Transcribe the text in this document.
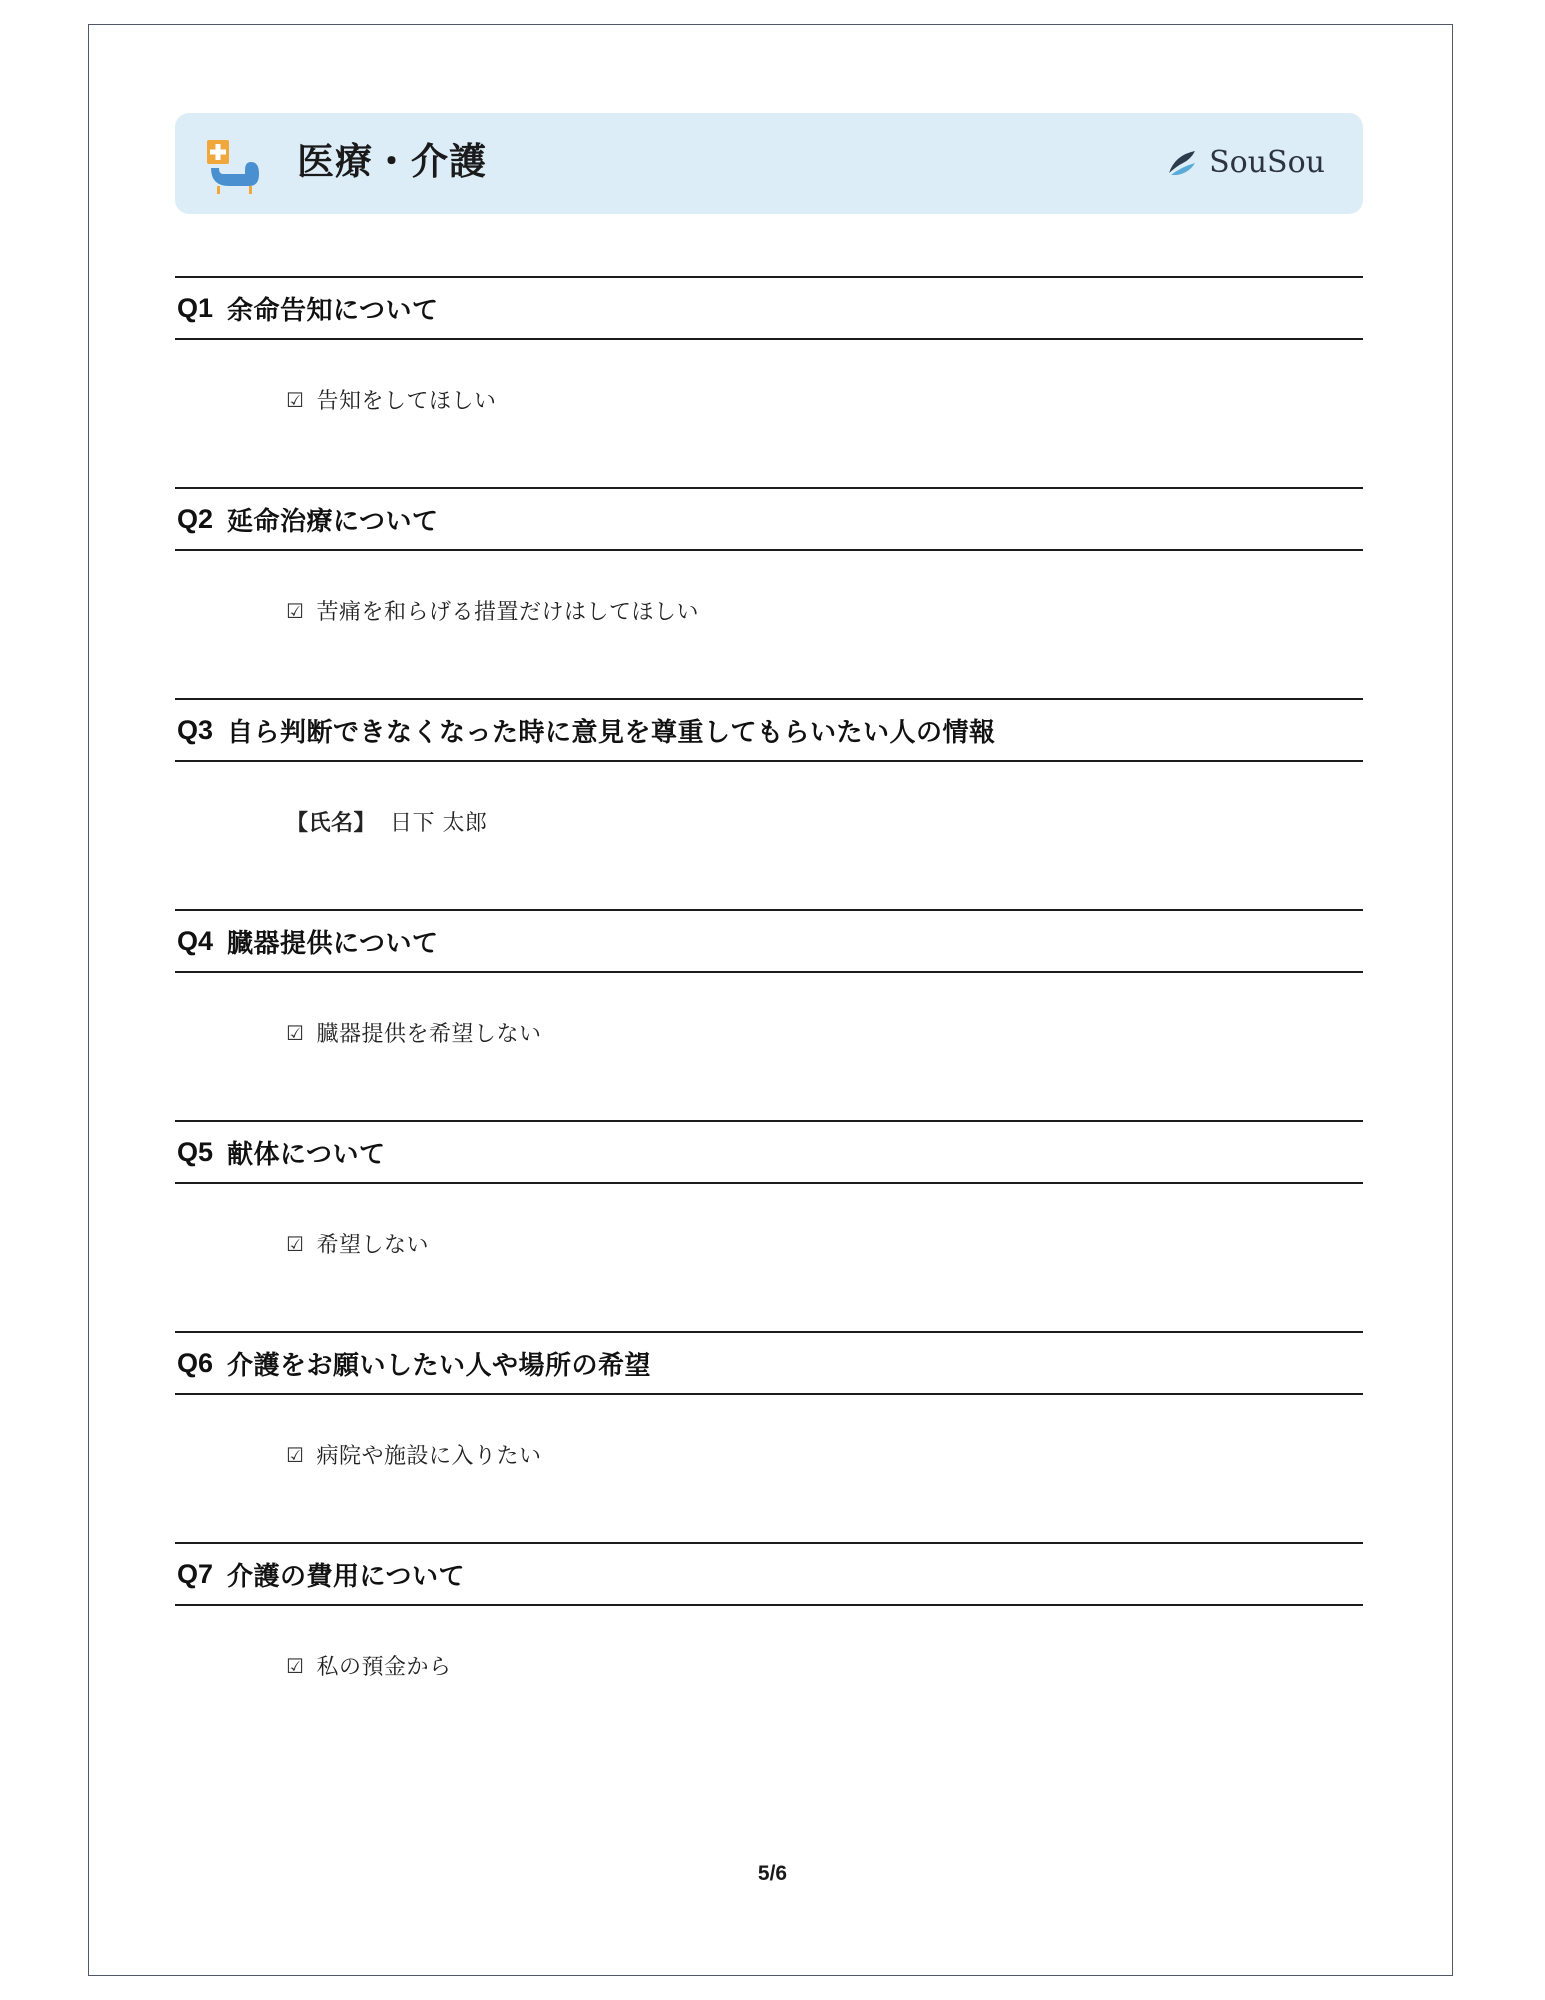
医療・介護	SouSou
Q1 余命告知について
☑ 告知をしてほしい
Q2 延命治療について
☑ 苦痛を和らげる措置だけはしてほしい
Q3 自ら判断できなくなった時に意見を尊重してもらいたい人の情報
【氏名】 日下 太郎
Q4 臓器提供について
☑ 臓器提供を希望しない
Q5 献体について
☑ 希望しない
Q6 介護をお願いしたい人や場所の希望
☑ 病院や施設に入りたい
Q7 介護の費用について
☑ 私の預金から
5/6
